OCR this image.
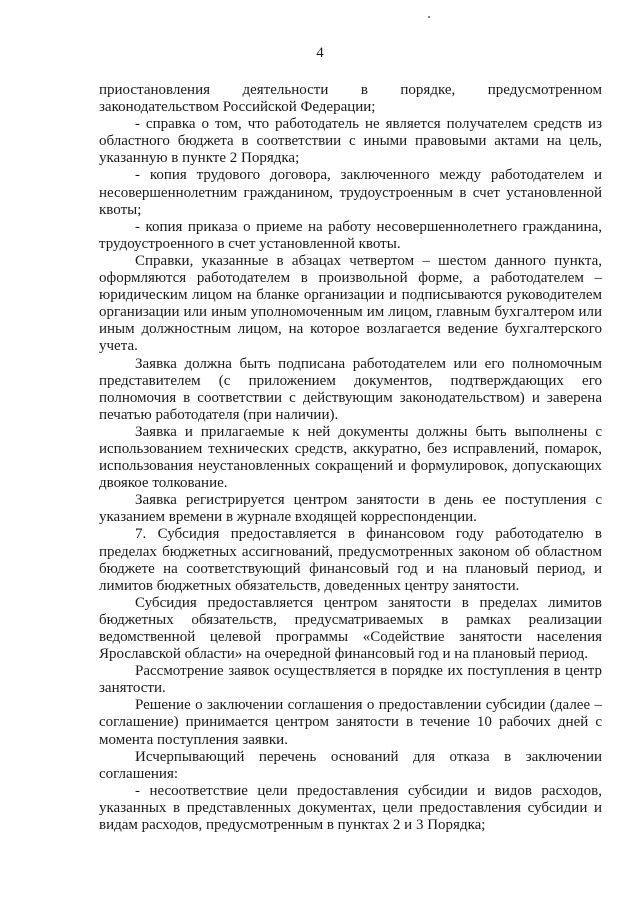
4

приостановления деятельности в порядке, предусмотренном законодательством Российской Федерации;

- справка о том, что работодатель не является получателем средств из областного бюджета в соответствии с иными правовыми актами на цель, указанную в пункте 2 Порядка;

- копия трудового договора, заключенного между работодателем и несовершеннолетним гражданином, трудоустроенным в счет установленной квоты;

- копия приказа о приеме на работу несовершеннолетнего гражданина, трудоустроенного в счет установленной квоты.

Справки, указанные в абзацах четвертом – шестом данного пункта, оформляются работодателем в произвольной форме, а работодателем – юридическим лицом на бланке организации и подписываются руководителем организации или иным уполномоченным им лицом, главным бухгалтером или иным должностным лицом, на которое возлагается ведение бухгалтерского учета.

Заявка должна быть подписана работодателем или его полномочным представителем (с приложением документов, подтверждающих его полномочия в соответствии с действующим законодательством) и заверена печатью работодателя (при наличии).

Заявка и прилагаемые к ней документы должны быть выполнены с использованием технических средств, аккуратно, без исправлений, помарок, использования неустановленных сокращений и формулировок, допускающих двоякое толкование.

Заявка регистрируется центром занятости в день ее поступления с указанием времени в журнале входящей корреспонденции.

7. Субсидия предоставляется в финансовом году работодателю в пределах бюджетных ассигнований, предусмотренных законом об областном бюджете на соответствующий финансовый год и на плановый период, и лимитов бюджетных обязательств, доведенных центру занятости.

Субсидия предоставляется центром занятости в пределах лимитов бюджетных обязательств, предусматриваемых в рамках реализации ведомственной целевой программы «Содействие занятости населения Ярославской области» на очередной финансовый год и на плановый период.

Рассмотрение заявок осуществляется в порядке их поступления в центр занятости.

Решение о заключении соглашения о предоставлении субсидии (далее – соглашение) принимается центром занятости в течение 10 рабочих дней с момента поступления заявки.

Исчерпывающий перечень оснований для отказа в заключении соглашения:

- несоответствие цели предоставления субсидии и видов расходов, указанных в представленных документах, цели предоставления субсидии и видам расходов, предусмотренным в пунктах 2 и 3 Порядка;
